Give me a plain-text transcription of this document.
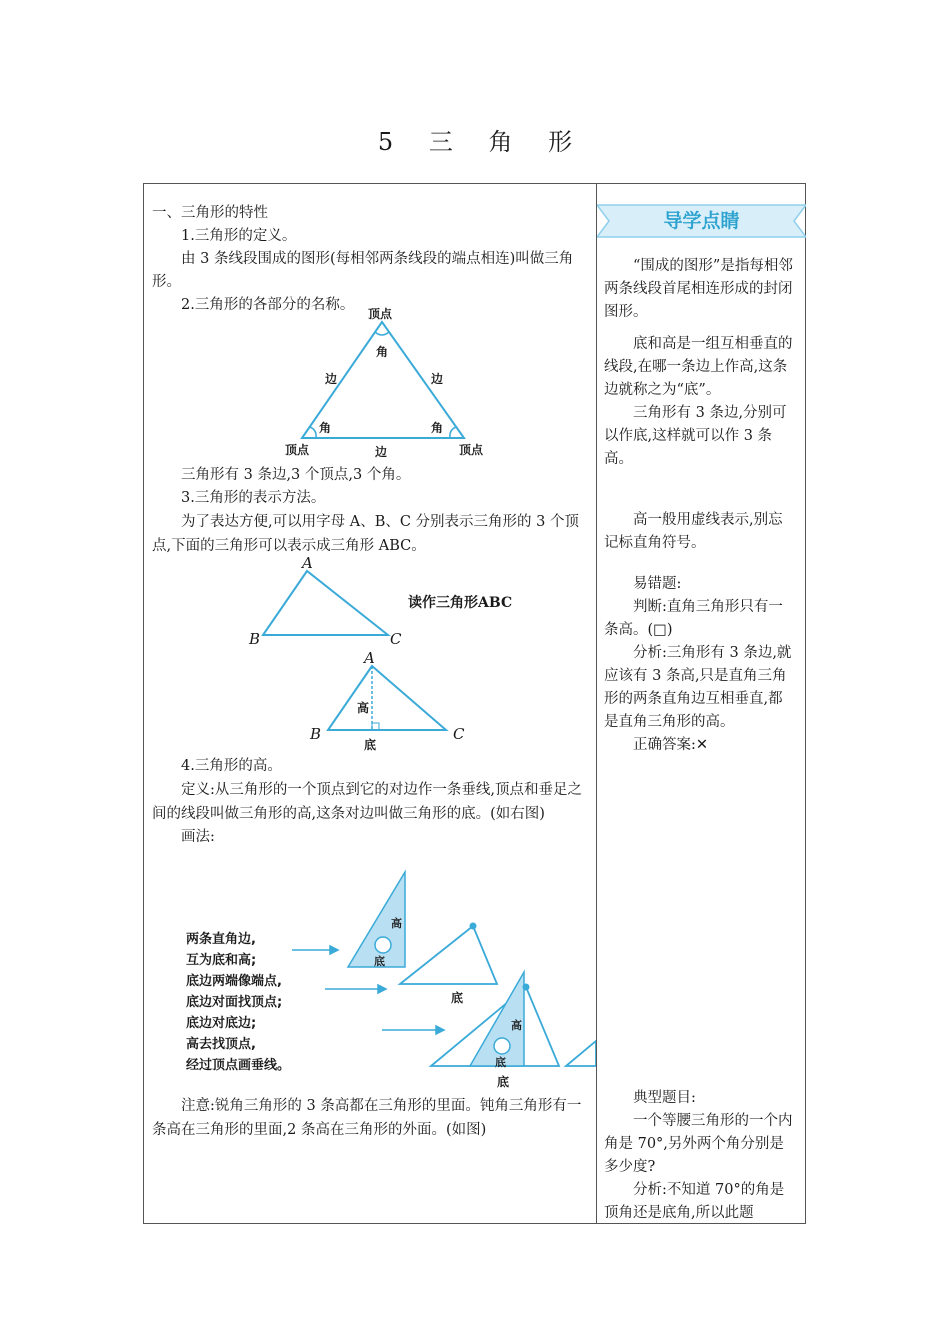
5 三 角 形

一、三角形的特性

1.三角形的定义。

由 3 条线段围成的图形(每相邻两条线段的端点相连)叫做三角形。

2.三角形的各部分的名称。

顶点
角
边	边
角	角
顶点	边	顶点

三角形有 3 条边,3 个顶点,3 个角。

3.三角形的表示方法。

为了表达方便,可以用字母 A、B、C 分别表示三角形的 3 个顶点,下面的三角形可以表示成三角形 ABC。

A
B	C
读作三角形ABC
A
B	C
高
底

4.三角形的高。

定义:从三角形的一个顶点到它的对边作一条垂线,顶点和垂足之间的线段叫做三角形的高,这条对边叫做三角形的底。(如右图)

画法:

两条直角边,
互为底和高;
底边两端像端点,
底边对面找顶点;
底边对底边;
高去找顶点,
经过顶点画垂线。
高
底
底
高
底
底

注意:锐角三角形的 3 条高都在三角形的里面。钝角三角形有一条高在三角形的里面,2 条高在三角形的外面。(如图)

导学点睛

“围成的图形”是指每相邻两条线段首尾相连形成的封闭图形。

底和高是一组互相垂直的线段,在哪一条边上作高,这条边就称之为“底”。

三角形有 3 条边,分别可以作底,这样就可以作 3 条高。

高一般用虚线表示,别忘记标直角符号。

易错题:

判断:直角三角形只有一条高。(□)

分析:三角形有 3 条边,就应该有 3 条高,只是直角三角形的两条直角边互相垂直,都是直角三角形的高。

正确答案:✕

典型题目:

一个等腰三角形的一个内角是 70°,另外两个角分别是多少度?

分析:不知道 70°的角是顶角还是底角,所以此题
